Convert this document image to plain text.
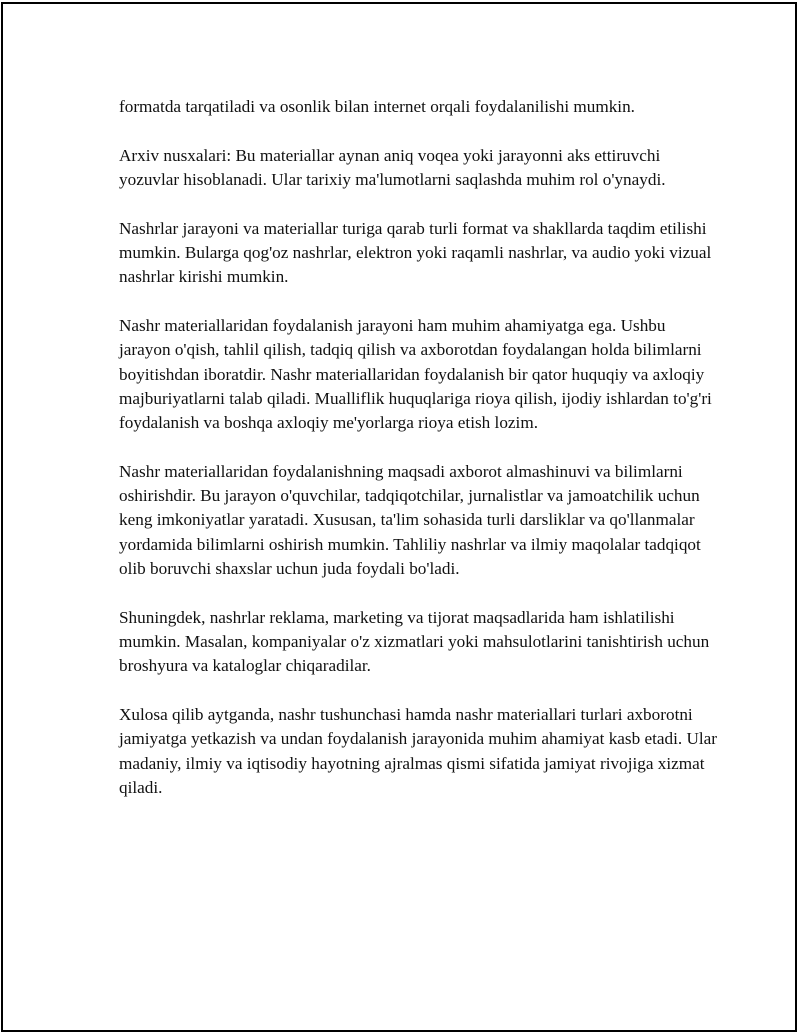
formatda tarqatiladi va osonlik bilan internet orqali foydalanilishi mumkin.

Arxiv nusxalari: Bu materiallar aynan aniq voqea yoki jarayonni aks ettiruvchi yozuvlar hisoblanadi. Ular tarixiy ma'lumotlarni saqlashda muhim rol o'ynaydi.

Nashrlar jarayoni va materiallar turiga qarab turli format va shakllarda taqdim etilishi mumkin. Bularga qog'oz nashrlar, elektron yoki raqamli nashrlar, va audio yoki vizual nashrlar kirishi mumkin.

Nashr materiallaridan foydalanish jarayoni ham muhim ahamiyatga ega. Ushbu jarayon o'qish, tahlil qilish, tadqiq qilish va axborotdan foydalangan holda bilimlarni boyitishdan iboratdir. Nashr materiallaridan foydalanish bir qator huquqiy va axloqiy majburiyatlarni talab qiladi. Mualliflik huquqlariga rioya qilish, ijodiy ishlardan to'g'ri foydalanish va boshqa axloqiy me'yorlarga rioya etish lozim.

Nashr materiallaridan foydalanishning maqsadi axborot almashinuvi va bilimlarni oshirishdir. Bu jarayon o'quvchilar, tadqiqotchilar, jurnalistlar va jamoatchilik uchun keng imkoniyatlar yaratadi. Xususan, ta'lim sohasida turli darsliklar va qo'llanmalar yordamida bilimlarni oshirish mumkin. Tahliliy nashrlar va ilmiy maqolalar tadqiqot olib boruvchi shaxslar uchun juda foydali bo'ladi.

Shuningdek, nashrlar reklama, marketing va tijorat maqsadlarida ham ishlatilishi mumkin. Masalan, kompaniyalar o'z xizmatlari yoki mahsulotlarini tanishtirish uchun broshyura va kataloglar chiqaradilar.

Xulosa qilib aytganda, nashr tushunchasi hamda nashr materiallari turlari axborotni jamiyatga yetkazish va undan foydalanish jarayonida muhim ahamiyat kasb etadi. Ular madaniy, ilmiy va iqtisodiy hayotning ajralmas qismi sifatida jamiyat rivojiga xizmat qiladi.
